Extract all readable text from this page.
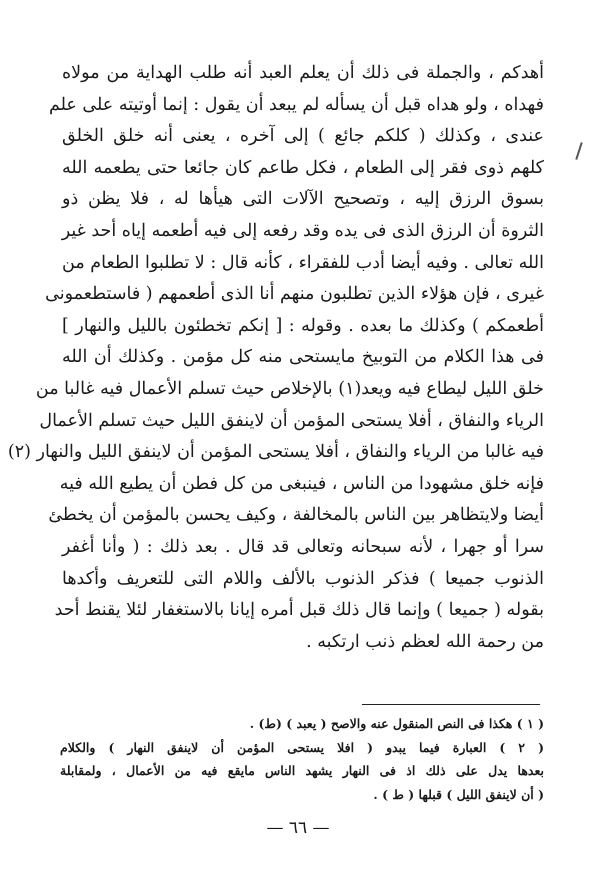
أهدكم ، والجملة فى ذلك أن يعلم العبد أنه طلب الهداية من مولاه
فهداه ، ولو هداه قبل أن يسأله لم يبعد أن يقول : إنما أوتيته على علم
عندى ، وكذلك ( كلكم جائع ) إلى آخره ، يعنى أنه خلق الخلق
كلهم ذوى فقر إلى الطعام ، فكل طاعم كان جائعا حتى يطعمه الله
بسوق الرزق إليه ، وتصحيح الآلات التى هيأها له ، فلا يظن ذو
الثروة أن الرزق الذى فى يده وقد رفعه إلى فيه أطعمه إياه أحد غير
الله تعالى . وفيه أيضا أدب للفقراء ، كأنه قال : لا تطلبوا الطعام من
غيرى ، فإن هؤلاء الذين تطلبون منهم أنا الذى أطعمهم ( فاستطعمونى
أطعمكم ) وكذلك ما بعده . وقوله : [ إنكم تخطئون بالليل والنهار ]
فى هذا الكلام من التوبيخ مايستحى منه كل مؤمن . وكذلك أن الله
خلق الليل ليطاع فيه ويعد(١) بالإخلاص حيث تسلم الأعمال فيه غالبا من
الرياء والنفاق ، أفلا يستحى المؤمن أن لاينفق الليل حيث تسلم الأعمال
فيه غالبا من الرياء والنفاق ، أفلا يستحى المؤمن أن لاينفق الليل والنهار (٢)
فإنه خلق مشهودا من الناس ، فينبغى من كل فطن أن يطيع الله فيه
أيضا ولايتظاهر بين الناس بالمخالفة ، وكيف يحسن بالمؤمن أن يخطئ
سرا أو جهرا ، لأنه سبحانه وتعالى قد قال . بعد ذلك : ( وأنا أغفر
الذنوب جميعا ) فذكر الذنوب بالألف واللام التى للتعريف وأكدها
بقوله ( جميعا ) وإنما قال ذلك قبل أمره إيانا بالاستغفار لئلا يقنط أحد
من رحمة الله لعظم ذنب ارتكبه .
( ١ ) هكذا فى النص المنقول عنه والاصح ( يعبد ) (ط) .
( ٢ ) العبارة فيما يبدو ( افلا يستحى المؤمن أن لاينفق النهار ) والكلام
بعدها يدل على ذلك اذ فى النهار يشهد الناس مايقع فيه من الأعمال ، ولمقابلة
( أن لاينفق الليل ) قبلها ( ط ) .
— ٦٦ —
